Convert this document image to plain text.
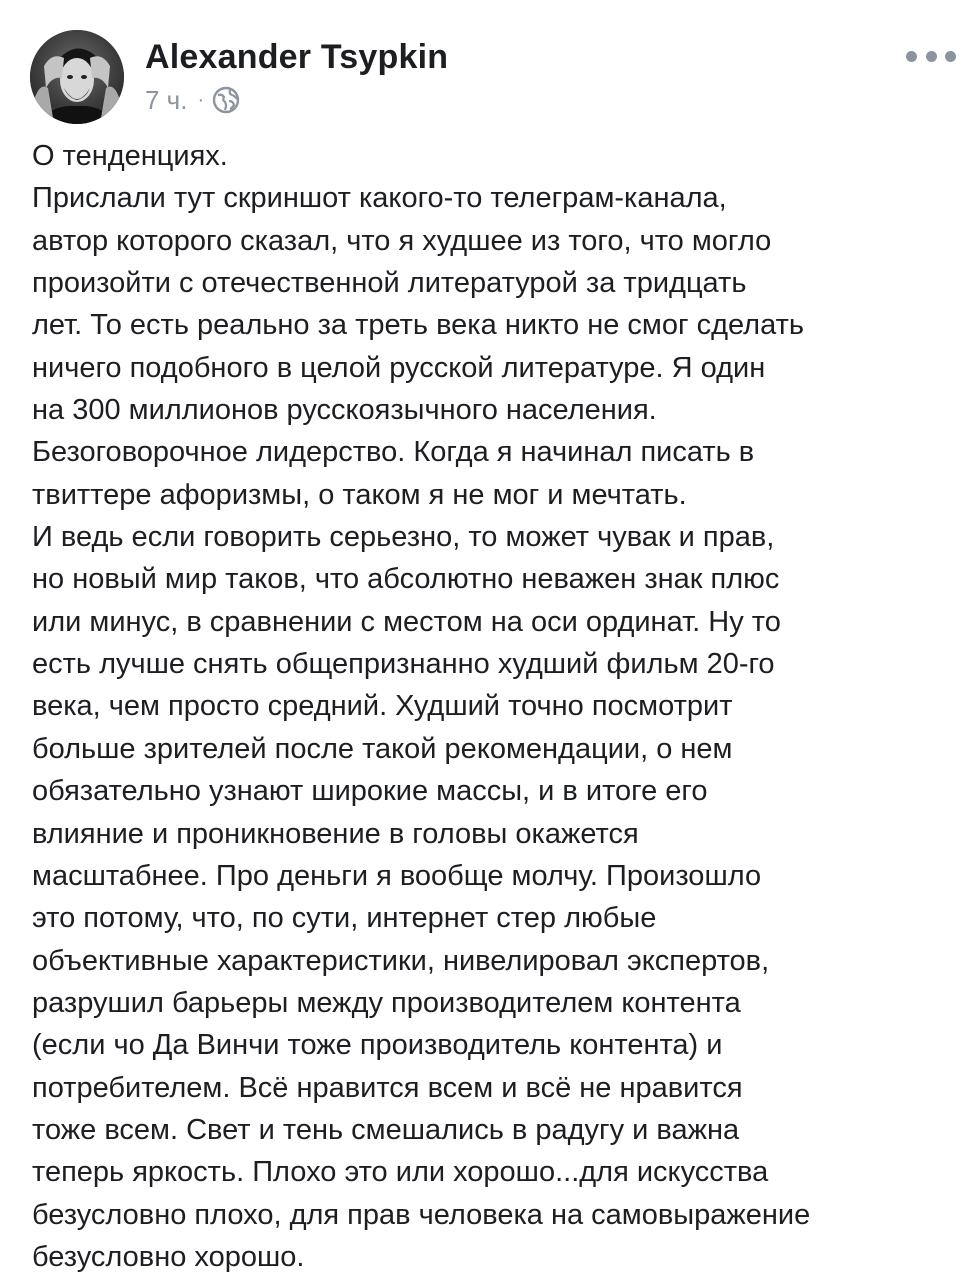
Alexander Tsypkin
7 ч. ·
О тенденциях.
Прислали тут скриншот какого-то телеграм-канала,
автор которого сказал, что я худшее из того, что могло
произойти с отечественной литературой за тридцать
лет. То есть реально за треть века никто не смог сделать
ничего подобного в целой русской литературе. Я один
на 300 миллионов русскоязычного населения.
Безоговорочное лидерство. Когда я начинал писать в
твиттере афоризмы, о таком я не мог и мечтать.
И ведь если говорить серьезно, то может чувак и прав,
но новый мир таков, что абсолютно неважен знак плюс
или минус, в сравнении с местом на оси ординат. Ну то
есть лучше снять общепризнанно худший фильм 20-го
века, чем просто средний. Худший точно посмотрит
больше зрителей после такой рекомендации, о нем
обязательно узнают широкие массы, и в итоге его
влияние и проникновение в головы окажется
масштабнее. Про деньги я вообще молчу. Произошло
это потому, что, по сути, интернет стер любые
объективные характеристики, нивелировал экспертов,
разрушил барьеры между производителем контента
(если чо Да Винчи тоже производитель контента) и
потребителем. Всё нравится всем и всё не нравится
тоже всем. Свет и тень смешались в радугу и важна
теперь яркость. Плохо это или хорошо...для искусства
безусловно плохо, для прав человека на самовыражение
безусловно хорошо.
